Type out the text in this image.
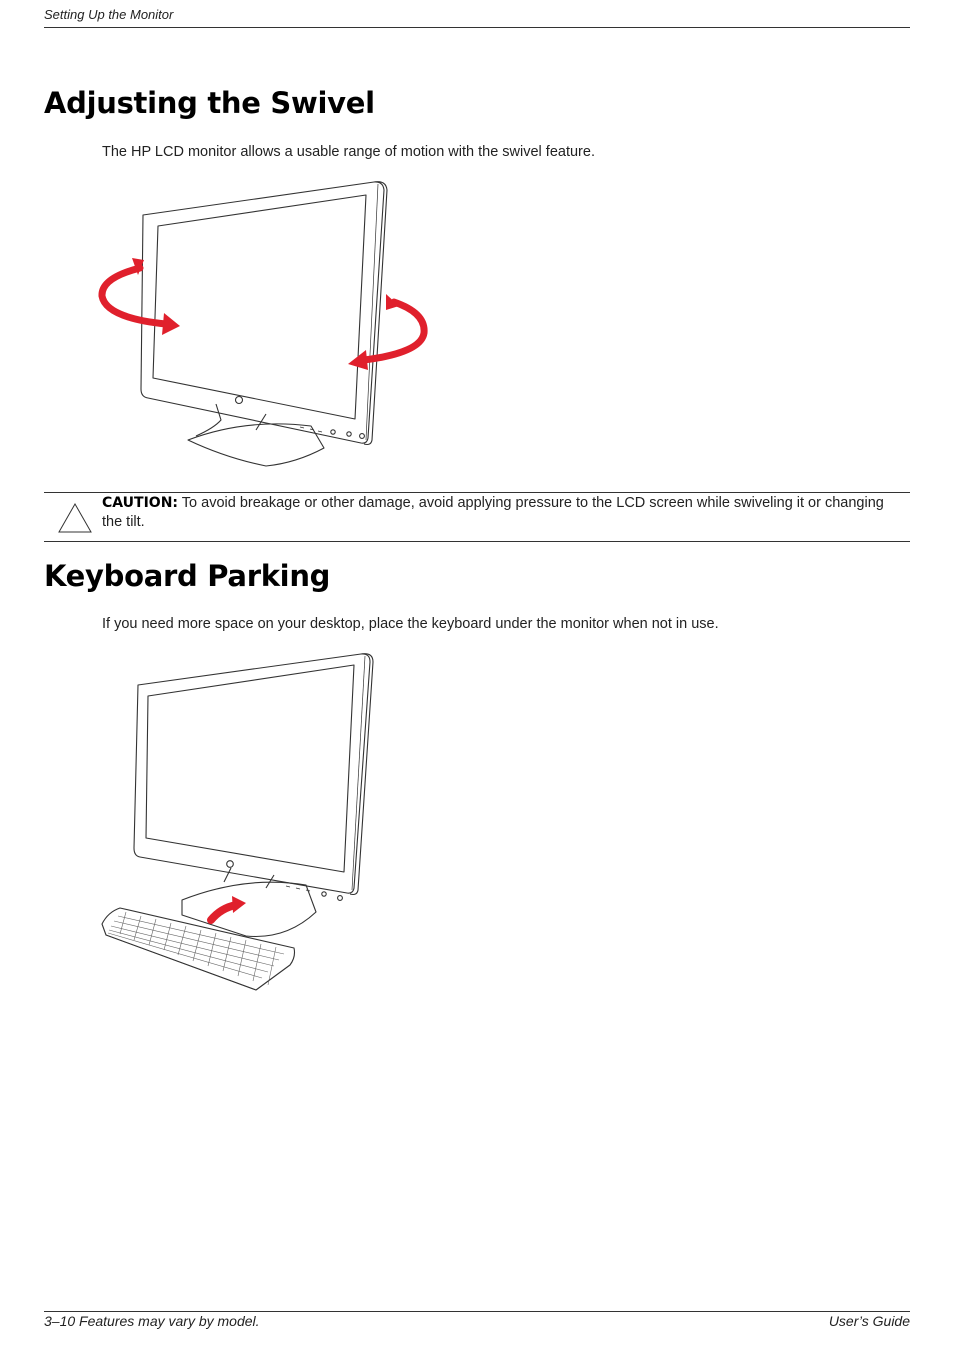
Setting Up the Monitor
Adjusting the Swivel

The HP LCD monitor allows a usable range of motion with the swivel feature.

CAUTION: To avoid breakage or other damage, avoid applying pressure to the LCD screen while swiveling it or changing the tilt.
Keyboard Parking

If you need more space on your desktop, place the keyboard under the monitor when not in use.

3–10 Features may vary by model.	User’s Guide
